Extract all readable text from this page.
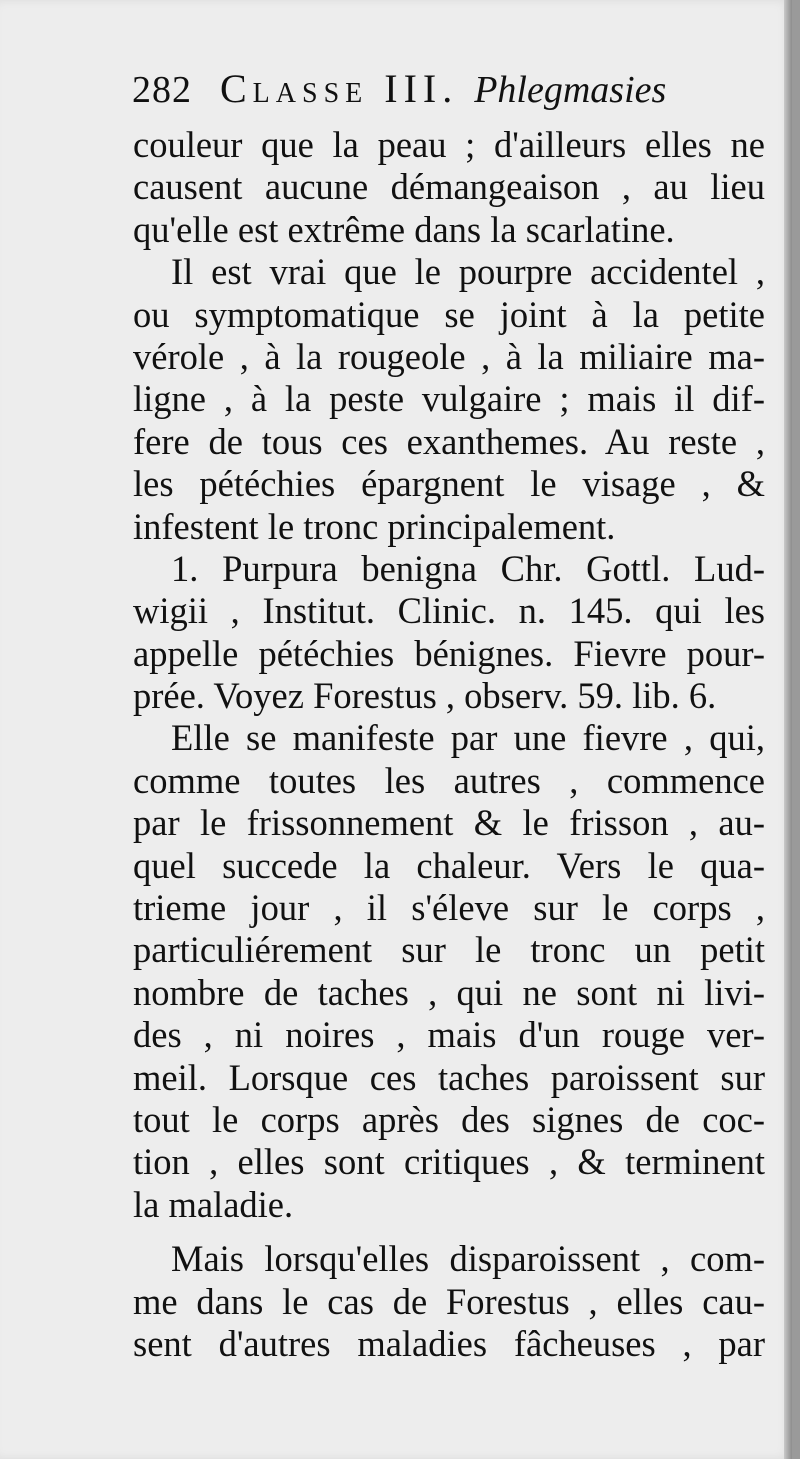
282 Classe III. Phlegmasies
couleur que la peau ; d'ailleurs elles ne
causent aucune démangeaison , au lieu
qu'elle est extrême dans la scarlatine.
Il est vrai que le pourpre accidentel ,
ou symptomatique se joint à la petite
vérole , à la rougeole , à la miliaire ma-
ligne , à la peste vulgaire ; mais il dif-
fere de tous ces exanthemes. Au reste ,
les pétéchies épargnent le visage , &
infestent le tronc principalement.
1. Purpura benigna Chr. Gottl. Lud-
wigii , Institut. Clinic. n. 145. qui les
appelle pétéchies bénignes. Fievre pour-
prée. Voyez Forestus , observ. 59. lib. 6.
Elle se manifeste par une fievre , qui,
comme toutes les autres , commence
par le frissonnement & le frisson , au-
quel succede la chaleur. Vers le qua-
trieme jour , il s'éleve sur le corps ,
particuliérement sur le tronc un petit
nombre de taches , qui ne sont ni livi-
des , ni noires , mais d'un rouge ver-
meil. Lorsque ces taches paroissent sur
tout le corps après des signes de coc-
tion , elles sont critiques , & terminent
la maladie.
Mais lorsqu'elles disparoissent , com-
me dans le cas de Forestus , elles cau-
sent d'autres maladies fâcheuses , par
